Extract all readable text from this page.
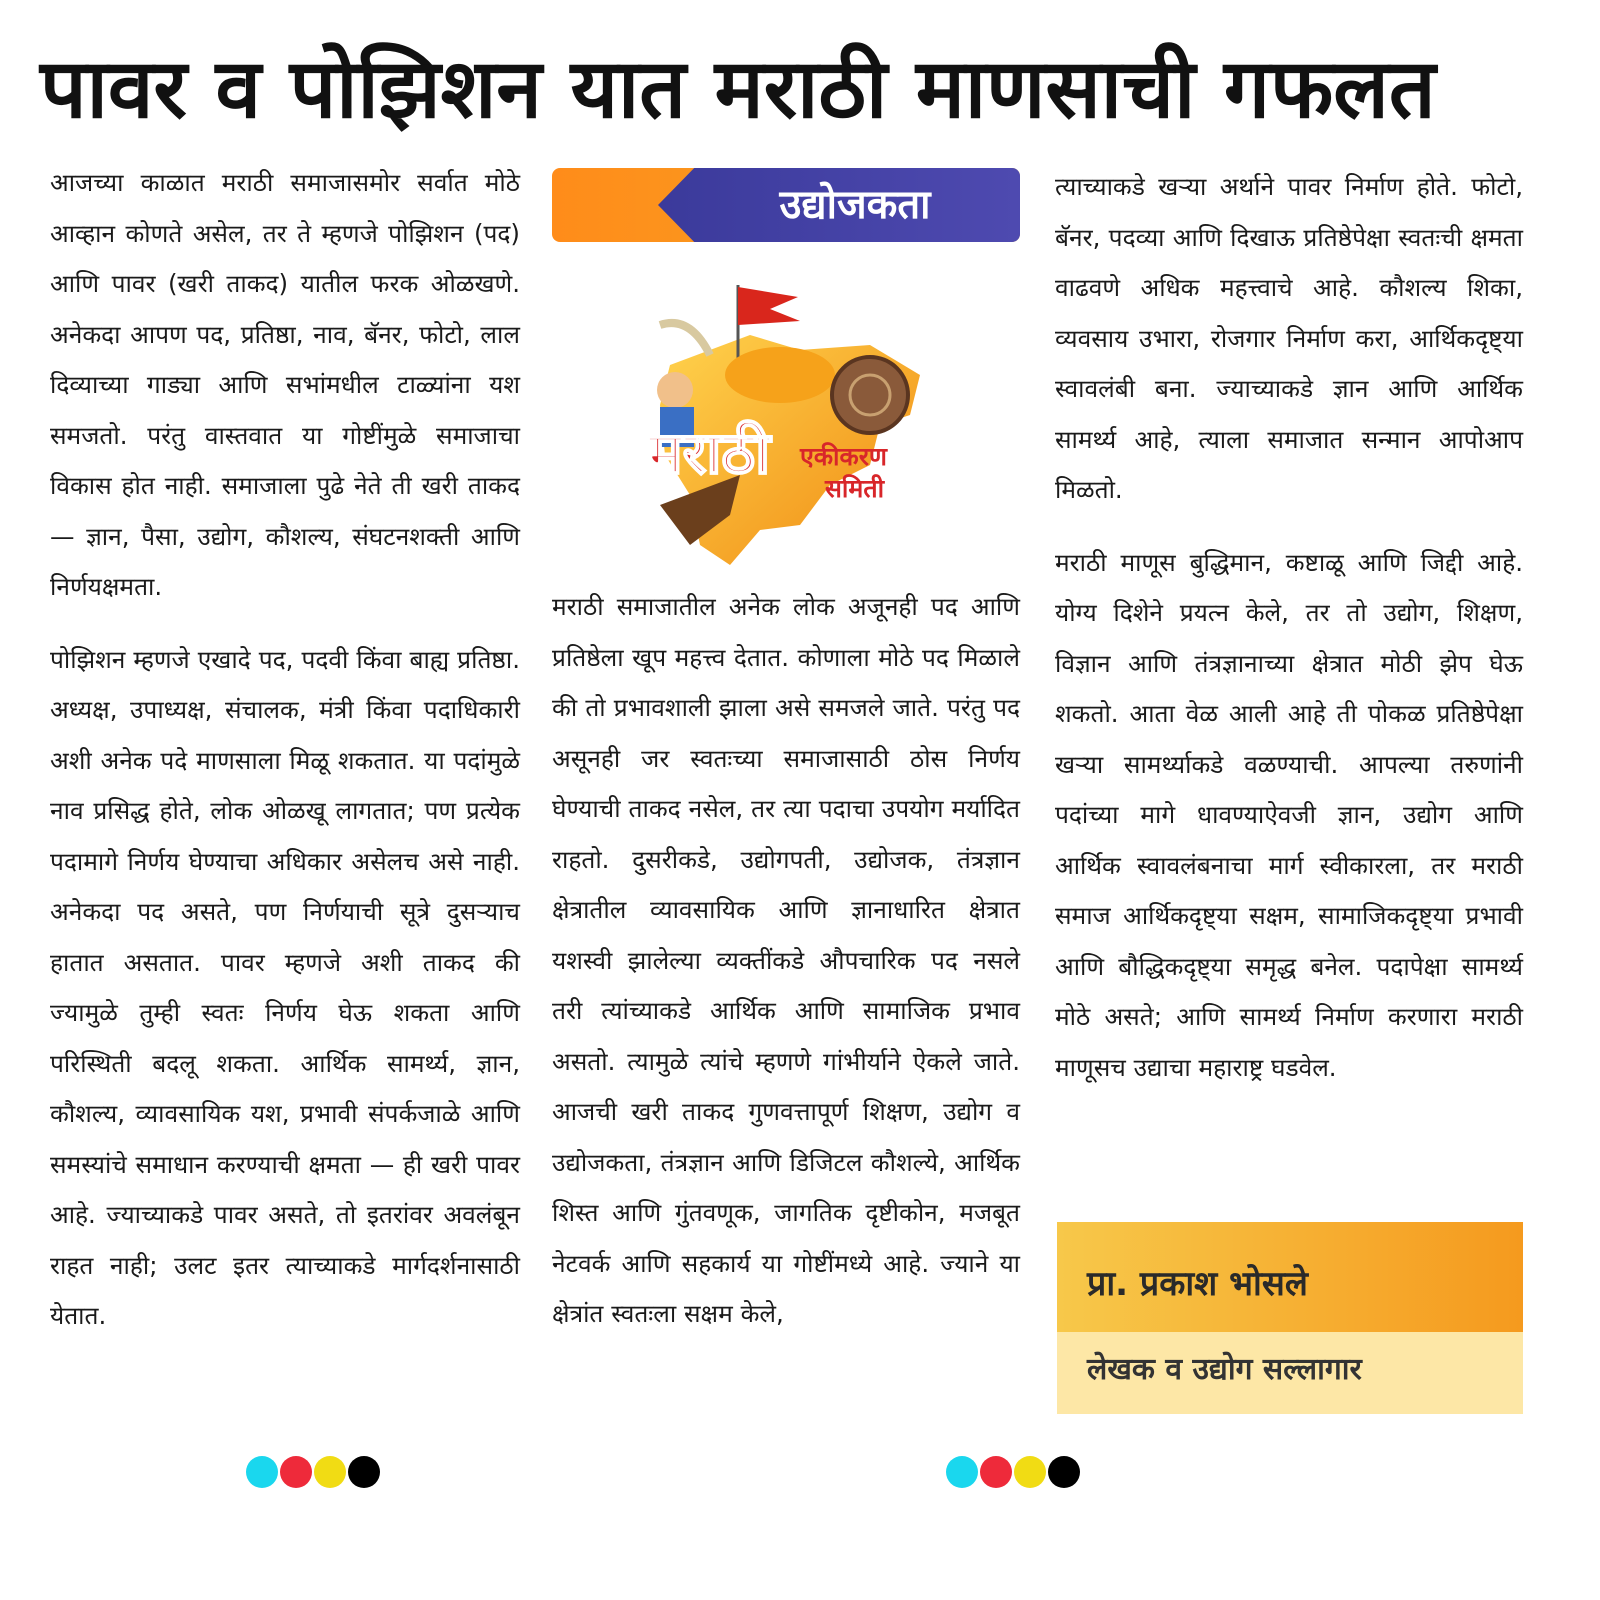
पावर व पोझिशन यात मराठी माणसाची गफलत

आजच्या काळात मराठी समाजासमोर सर्वात मोठे आव्हान कोणते असेल, तर ते म्हणजे पोझिशन (पद) आणि पावर (खरी ताकद) यातील फरक ओळखणे. अनेकदा आपण पद, प्रतिष्ठा, नाव, बॅनर, फोटो, लाल दिव्याच्या गाड्या आणि सभांमधील टाळ्यांना यश समजतो. परंतु वास्तवात या गोष्टींमुळे समाजाचा विकास होत नाही. समाजाला पुढे नेते ती खरी ताकद — ज्ञान, पैसा, उद्योग, कौशल्य, संघटनशक्ती आणि निर्णयक्षमता.

पोझिशन म्हणजे एखादे पद, पदवी किंवा बाह्य प्रतिष्ठा. अध्यक्ष, उपाध्यक्ष, संचालक, मंत्री किंवा पदाधिकारी अशी अनेक पदे माणसाला मिळू शकतात. या पदांमुळे नाव प्रसिद्ध होते, लोक ओळखू लागतात; पण प्रत्येक पदामागे निर्णय घेण्याचा अधिकार असेलच असे नाही. अनेकदा पद असते, पण निर्णयाची सूत्रे दुसऱ्याच हातात असतात. पावर म्हणजे अशी ताकद की ज्यामुळे तुम्ही स्वतः निर्णय घेऊ शकता आणि परिस्थिती बदलू शकता. आर्थिक सामर्थ्य, ज्ञान, कौशल्य, व्यावसायिक यश, प्रभावी संपर्कजाळे आणि समस्यांचे समाधान करण्याची क्षमता — ही खरी पावर आहे. ज्याच्याकडे पावर असते, तो इतरांवर अवलंबून राहत नाही; उलट इतर त्याच्याकडे मार्गदर्शनासाठी येतात.

उद्योजकता
मराठी एकीकरण
समिती

मराठी समाजातील अनेक लोक अजूनही पद आणि प्रतिष्ठेला खूप महत्त्व देतात. कोणाला मोठे पद मिळाले की तो प्रभावशाली झाला असे समजले जाते. परंतु पद असूनही जर स्वतःच्या समाजासाठी ठोस निर्णय घेण्याची ताकद नसेल, तर त्या पदाचा उपयोग मर्यादित राहतो. दुसरीकडे, उद्योगपती, उद्योजक, तंत्रज्ञान क्षेत्रातील व्यावसायिक आणि ज्ञानाधारित क्षेत्रात यशस्वी झालेल्या व्यक्तींकडे औपचारिक पद नसले तरी त्यांच्याकडे आर्थिक आणि सामाजिक प्रभाव असतो. त्यामुळे त्यांचे म्हणणे गांभीर्याने ऐकले जाते. आजची खरी ताकद गुणवत्तापूर्ण शिक्षण, उद्योग व उद्योजकता, तंत्रज्ञान आणि डिजिटल कौशल्ये, आर्थिक शिस्त आणि गुंतवणूक, जागतिक दृष्टीकोन, मजबूत नेटवर्क आणि सहकार्य या गोष्टींमध्ये आहे. ज्याने या क्षेत्रांत स्वतःला सक्षम केले,

त्याच्याकडे खऱ्या अर्थाने पावर निर्माण होते. फोटो, बॅनर, पदव्या आणि दिखाऊ प्रतिष्ठेपेक्षा स्वतःची क्षमता वाढवणे अधिक महत्त्वाचे आहे. कौशल्य शिका, व्यवसाय उभारा, रोजगार निर्माण करा, आर्थिकदृष्ट्या स्वावलंबी बना. ज्याच्याकडे ज्ञान आणि आर्थिक सामर्थ्य आहे, त्याला समाजात सन्मान आपोआप मिळतो.

मराठी माणूस बुद्धिमान, कष्टाळू आणि जिद्दी आहे. योग्य दिशेने प्रयत्न केले, तर तो उद्योग, शिक्षण, विज्ञान आणि तंत्रज्ञानाच्या क्षेत्रात मोठी झेप घेऊ शकतो. आता वेळ आली आहे ती पोकळ प्रतिष्ठेपेक्षा खऱ्या सामर्थ्याकडे वळण्याची. आपल्या तरुणांनी पदांच्या मागे धावण्याऐवजी ज्ञान, उद्योग आणि आर्थिक स्वावलंबनाचा मार्ग स्वीकारला, तर मराठी समाज आर्थिकदृष्ट्या सक्षम, सामाजिकदृष्ट्या प्रभावी आणि बौद्धिकदृष्ट्या समृद्ध बनेल. पदापेक्षा सामर्थ्य मोठे असते; आणि सामर्थ्य निर्माण करणारा मराठी माणूसच उद्याचा महाराष्ट्र घडवेल.

प्रा. प्रकाश भोसले
लेखक व उद्योग सल्लागार
